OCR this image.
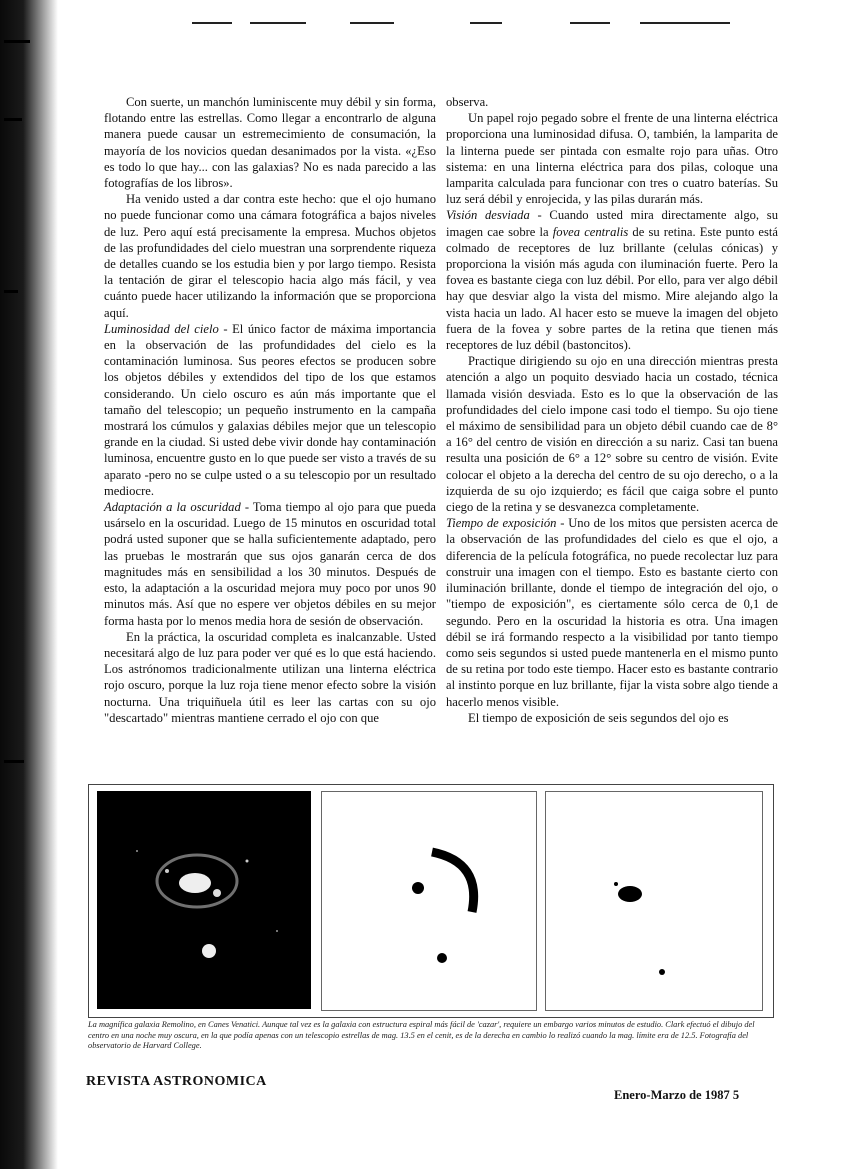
Con suerte, un manchón luminiscente muy débil y sin forma, flotando entre las estrellas. Como llegar a encontrarlo de alguna manera puede causar un estremecimiento de consumación, la mayoría de los novicios quedan desanimados por la vista. «¿Eso es todo lo que hay... con las galaxias? No es nada parecido a las fotografías de los libros».

Ha venido usted a dar contra este hecho: que el ojo humano no puede funcionar como una cámara fotográfica a bajos niveles de luz. Pero aquí está precisamente la empresa. Muchos objetos de las profundidades del cielo muestran una sorprendente riqueza de detalles cuando se los estudia bien y por largo tiempo. Resista la tentación de girar el telescopio hacia algo más fácil, y vea cuánto puede hacer utilizando la información que se proporciona aquí.

Luminosidad del cielo - El único factor de máxima importancia en la observación de las profundidades del cielo es la contaminación luminosa. Sus peores efectos se producen sobre los objetos débiles y extendidos del tipo de los que estamos considerando. Un cielo oscuro es aún más importante que el tamaño del telescopio; un pequeño instrumento en la campaña mostrará los cúmulos y galaxias débiles mejor que un telescopio grande en la ciudad. Si usted debe vivir donde hay contaminación luminosa, encuentre gusto en lo que puede ser visto a través de su aparato -pero no se culpe usted o a su telescopio por un resultado mediocre.

Adaptación a la oscuridad - Toma tiempo al ojo para que pueda usárselo en la oscuridad. Luego de 15 minutos en oscuridad total podrá usted suponer que se halla suficientemente adaptado, pero las pruebas le mostrarán que sus ojos ganarán cerca de dos magnitudes más en sensibilidad a los 30 minutos. Después de esto, la adaptación a la oscuridad mejora muy poco por unos 90 minutos más. Así que no espere ver objetos débiles en su mejor forma hasta por lo menos media hora de sesión de observación.

En la práctica, la oscuridad completa es inalcanzable. Usted necesitará algo de luz para poder ver qué es lo que está haciendo. Los astrónomos tradicionalmente utilizan una linterna eléctrica rojo oscuro, porque la luz roja tiene menor efecto sobre la visión nocturna. Una triquiñuela útil es leer las cartas con su ojo "descartado" mientras mantiene cerrado el ojo con que

observa.

Un papel rojo pegado sobre el frente de una linterna eléctrica proporciona una luminosidad difusa. O, también, la lamparita de la linterna puede ser pintada con esmalte rojo para uñas. Otro sistema: en una linterna eléctrica para dos pilas, coloque una lamparita calculada para funcionar con tres o cuatro baterías. Su luz será débil y enrojecida, y las pilas durarán más.

Visión desviada - Cuando usted mira directamente algo, su imagen cae sobre la fovea centralis de su retina. Este punto está colmado de receptores de luz brillante (celulas cónicas) y proporciona la visión más aguda con iluminación fuerte. Pero la fovea es bastante ciega con luz débil. Por ello, para ver algo débil hay que desviar algo la vista del mismo. Mire alejando algo la vista hacia un lado. Al hacer esto se mueve la imagen del objeto fuera de la fovea y sobre partes de la retina que tienen más receptores de luz débil (bastoncitos).

Practique dirigiendo su ojo en una dirección mientras presta atención a algo un poquito desviado hacia un costado, técnica llamada visión desviada. Esto es lo que la observación de las profundidades del cielo impone casi todo el tiempo. Su ojo tiene el máximo de sensibilidad para un objeto débil cuando cae de 8° a 16° del centro de visión en dirección a su nariz. Casi tan buena resulta una posición de 6° a 12° sobre su centro de visión. Evite colocar el objeto a la derecha del centro de su ojo derecho, o a la izquierda de su ojo izquierdo; es fácil que caiga sobre el punto ciego de la retina y se desvanezca completamente.

Tiempo de exposición - Uno de los mitos que persisten acerca de la observación de las profundidades del cielo es que el ojo, a diferencia de la película fotográfica, no puede recolectar luz para construir una imagen con el tiempo. Esto es bastante cierto con iluminación brillante, donde el tiempo de integración del ojo, o "tiempo de exposición", es ciertamente sólo cerca de 0,1 de segundo. Pero en la oscuridad la historia es otra. Una imagen débil se irá formando respecto a la visibilidad por tanto tiempo como seis segundos si usted puede mantenerla en el mismo punto de su retina por todo este tiempo. Hacer esto es bastante contrario al instinto porque en luz brillante, fijar la vista sobre algo tiende a hacerlo menos visible.

El tiempo de exposición de seis segundos del ojo es

La magnífica galaxia Remolino, en Canes Venatici. Aunque tal vez es la galaxia con estructura espiral más fácil de 'cazar', requiere un embargo varios minutos de estudio. Clark efectuó el dibujo del centro en una noche muy oscura, en la que podía apenas con un telescopio estrellas de mag. 13.5 en el cenit, es de la derecha en cambio lo realizó cuando la mag. límite era de 12.5. Fotografía del observatorio de Harvard College.
REVISTA ASTRONOMICA
Enero-Marzo de 1987 5
